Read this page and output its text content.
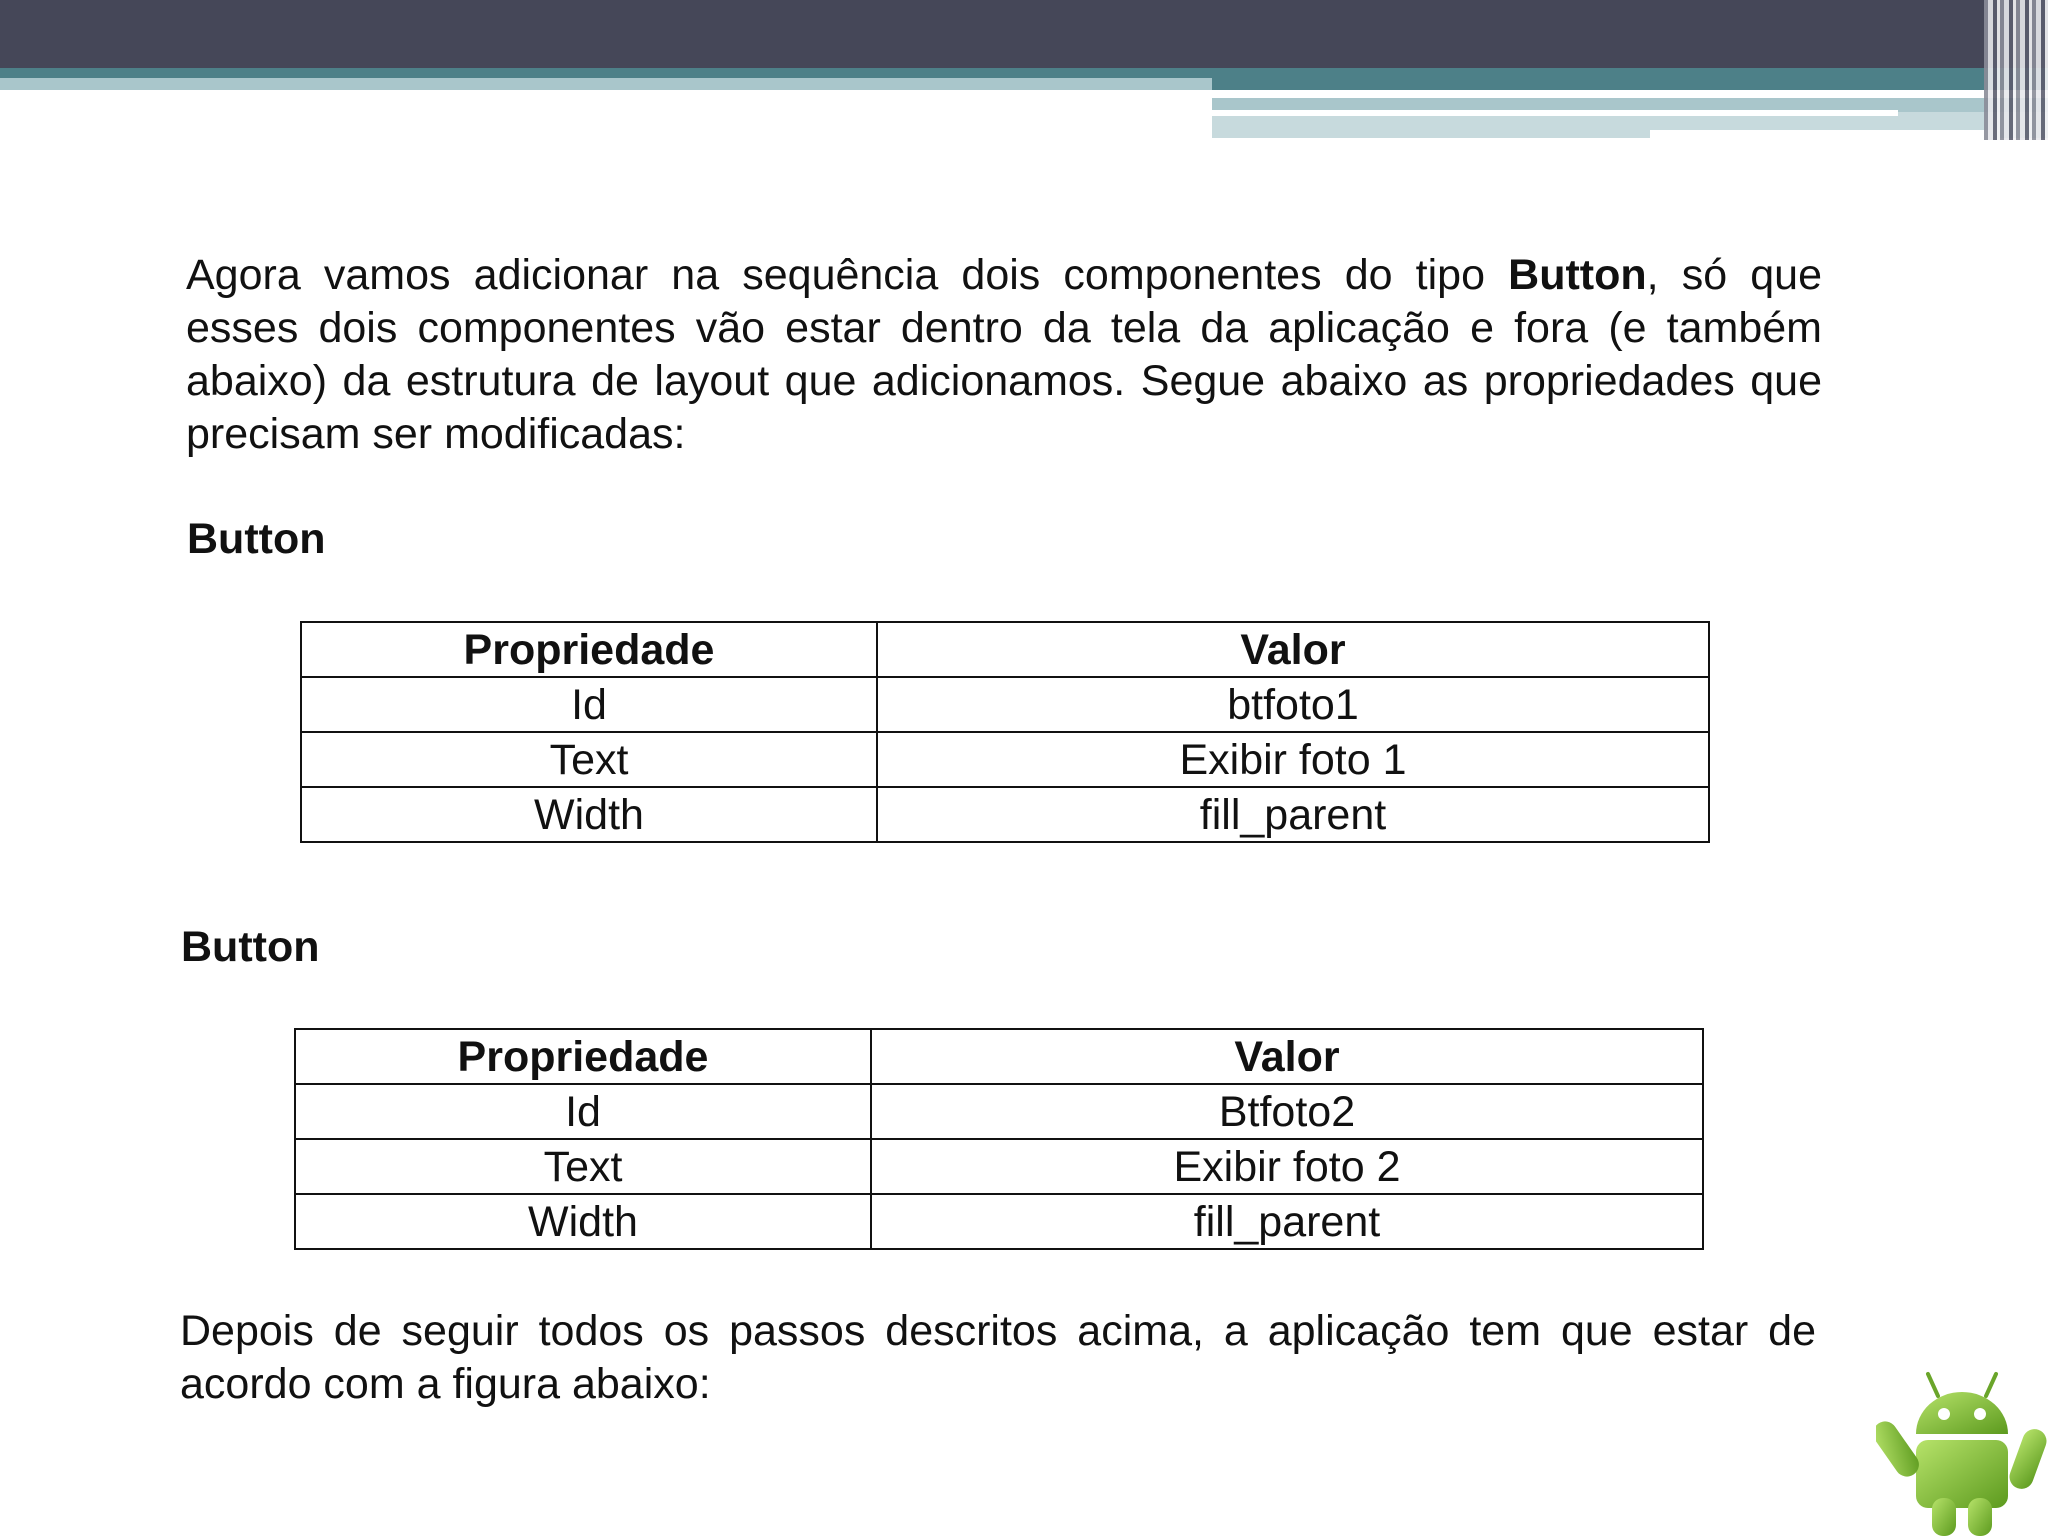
Agora vamos adicionar na sequência dois componentes do tipo Button, só que esses dois componentes vão estar dentro da tela da aplicação e fora (e também abaixo) da estrutura de layout que adicionamos. Segue abaixo as propriedades que precisam ser modificadas:

Button
Propriedade	Valor
Id	btfoto1
Text	Exibir foto 1
Width	fill_parent
Button
Propriedade	Valor
Id	Btfoto2
Text	Exibir foto 2
Width	fill_parent

Depois de seguir todos os passos descritos acima, a aplicação tem que estar de acordo com a figura abaixo:
